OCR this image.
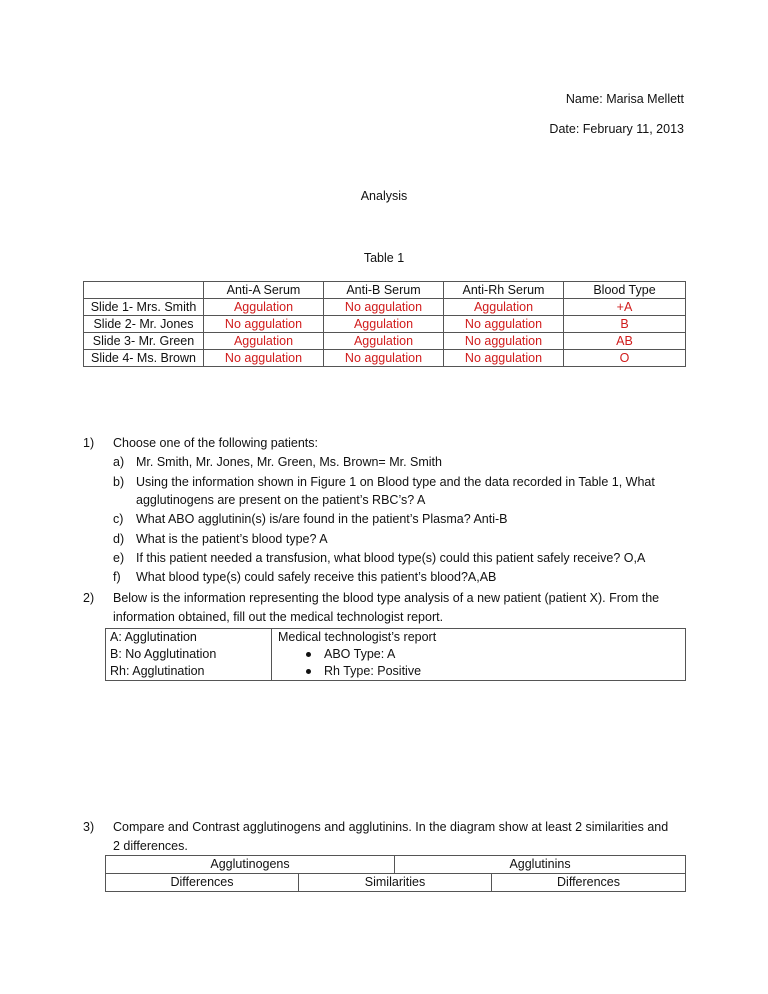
Name: Marisa Mellett
Date: February 11, 2013
Analysis
Table 1
	Anti-A Serum	Anti-B Serum	Anti-Rh Serum	Blood Type
Slide 1- Mrs. Smith	Aggulation	No aggulation	Aggulation	+A
Slide 2- Mr. Jones	No aggulation	Aggulation	No aggulation	B
Slide 3- Mr. Green	Aggulation	Aggulation	No aggulation	AB
Slide 4- Ms. Brown	No aggulation	No aggulation	No aggulation	O
1) Choose one of the following patients:
a) Mr. Smith, Mr. Jones, Mr. Green, Ms. Brown= Mr. Smith
b) Using the information shown in Figure 1 on Blood type and the data recorded in Table 1, What
agglutinogens are present on the patient’s RBC’s? A
c) What ABO agglutinin(s) is/are found in the patient’s Plasma? Anti-B
d) What is the patient’s blood type? A
e) If this patient needed a transfusion, what blood type(s) could this patient safely receive? O,A
f) What blood type(s) could safely receive this patient’s blood?A,AB
2) Below is the information representing the blood type analysis of a new patient (patient X). From the
information obtained, fill out the medical technologist report.
A: Agglutination
B: No Agglutination
Rh: Agglutination

Medical technologist’s report
ABO Type: A
Rh Type: Positive
3) Compare and Contrast agglutinogens and agglutinins. In the diagram show at least 2 similarities and
2 differences.
Agglutinogens		Agglutinins	
Differences	Similarities		Differences
